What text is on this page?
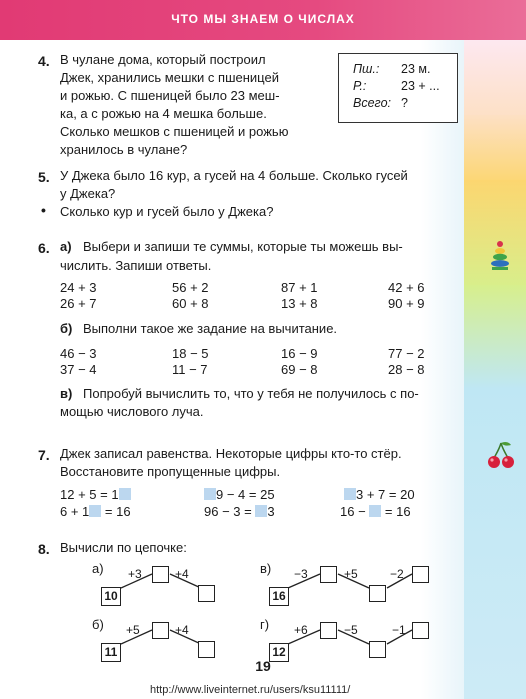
ЧТО МЫ ЗНАЕМ О ЧИСЛАХ
4. В чулане дома, который построил
Джек, хранились мешки с пшеницей
и рожью. С пшеницей было 23 меш-
ка, а с рожью на 4 мешка больше.
Сколько мешков с пшеницей и рожью
хранилось в чулане?
Пш.: 23 м.
Р.:	23 + ...
Всего: ?
5. У Джека было 16 кур, а гусей на 4 больше. Сколько гусей
у Джека?
• Сколько кур и гусей было у Джека?
6. а) Выбери и запиши те суммы, которые ты можешь вы-
числить. Запиши ответы.
24 + 3	56 + 2	87 + 1	42 + 6
26 + 7	60 + 8	13 + 8	90 + 9
б) Выполни такое же задание на вычитание.
46 − 3	18 − 5	16 − 9	77 − 2
37 − 4	11 − 7	69 − 8	28 − 8
в) Попробуй вычислить то, что у тебя не получилось с по-
мощью числового луча.
7. Джек записал равенства. Некоторые цифры кто-то стёр.
Восстановите пропущенные цифры.
12 + 5 = 1	9 − 4 = 25	3 + 7 = 20
6 + 1 = 16	96 − 3 = 3	16 −  = 16
8. Вычисли по цепочке:
а)
10
+3	+4
б)
11
+5	+4
в)
16
−3	+5	−2
г)
12
+6	−5	−1
19
http://www.liveinternet.ru/users/ksu11111/
